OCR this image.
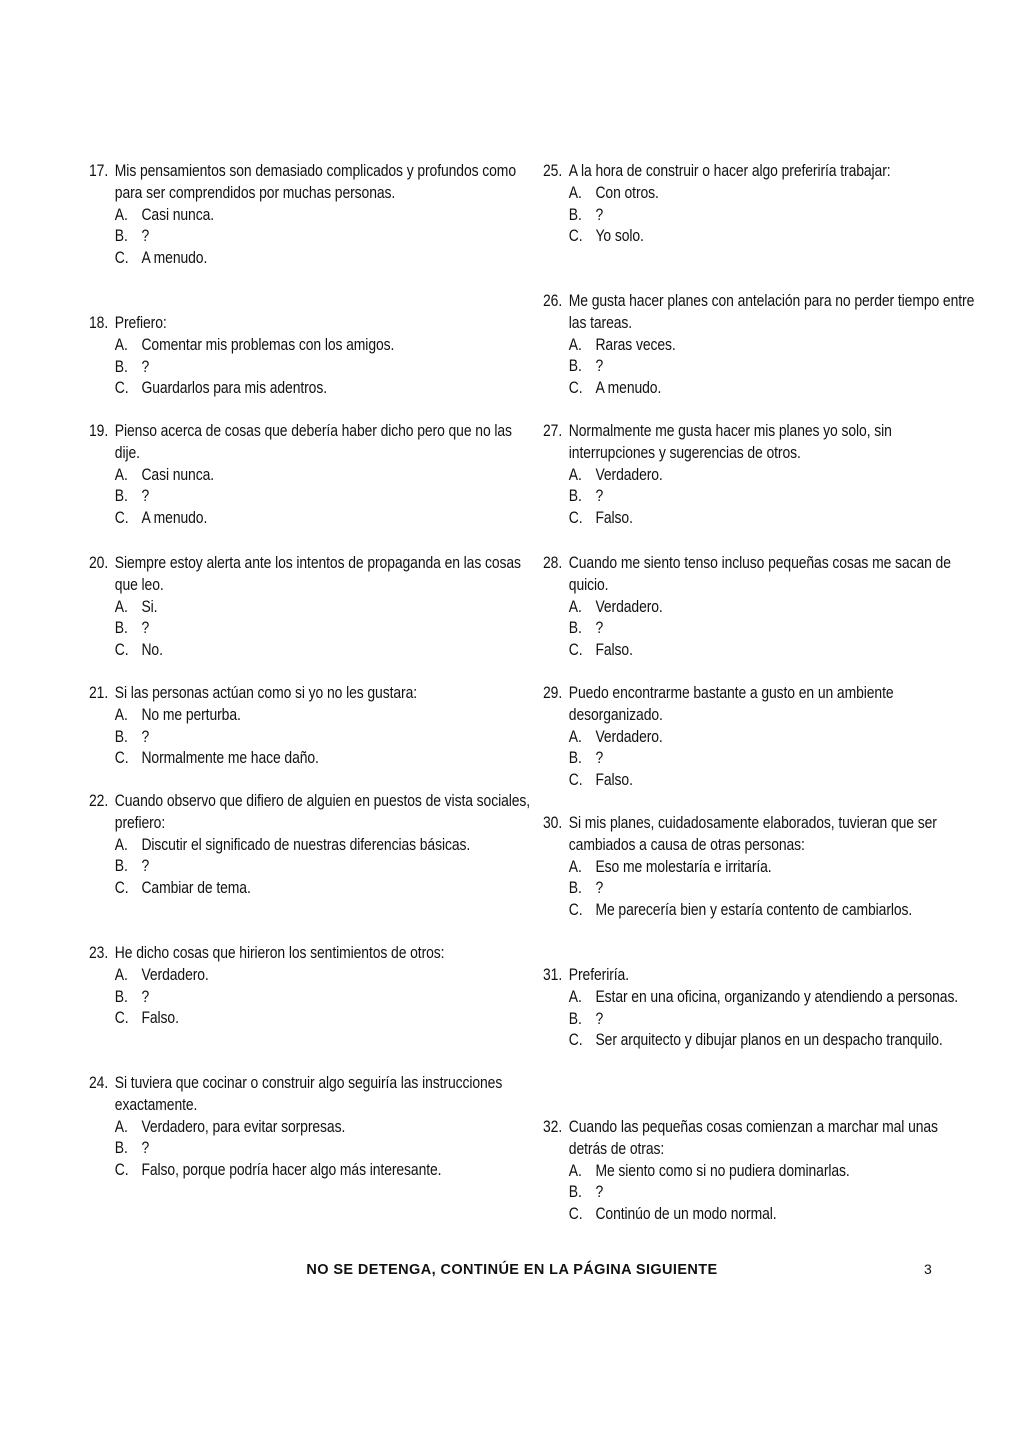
17. Mis pensamientos son demasiado complicados y profundos como para ser comprendidos por muchas personas.
A. Casi nunca.
B. ?
C. A menudo.
18. Prefiero:
A. Comentar mis problemas con los amigos.
B. ?
C. Guardarlos para mis adentros.
19. Pienso acerca de cosas que debería haber dicho pero que no las dije.
A. Casi nunca.
B. ?
C. A menudo.
20. Siempre estoy alerta ante los intentos de propaganda en las cosas que leo.
A. Si.
B. ?
C. No.
21. Si las personas actúan como si yo no les gustara:
A. No me perturba.
B. ?
C. Normalmente me hace daño.
22. Cuando observo que difiero de alguien en puestos de vista sociales, prefiero:
A. Discutir el significado de nuestras diferencias básicas.
B. ?
C. Cambiar de tema.
23. He dicho cosas que hirieron los sentimientos de otros:
A. Verdadero.
B. ?
C. Falso.
24. Si tuviera que cocinar o construir algo seguiría las instrucciones exactamente.
A. Verdadero, para evitar sorpresas.
B. ?
C. Falso, porque podría hacer algo más interesante.
25. A la hora de construir o hacer algo preferiría trabajar:
A. Con otros.
B. ?
C. Yo solo.
26. Me gusta hacer planes con antelación para no perder tiempo entre las tareas.
A. Raras veces.
B. ?
C. A menudo.
27. Normalmente me gusta hacer mis planes yo solo, sin interrupciones y sugerencias de otros.
A. Verdadero.
B. ?
C. Falso.
28. Cuando me siento tenso incluso pequeñas cosas me sacan de quicio.
A. Verdadero.
B. ?
C. Falso.
29. Puedo encontrarme bastante a gusto en un ambiente desorganizado.
A. Verdadero.
B. ?
C. Falso.
30. Si mis planes, cuidadosamente elaborados, tuvieran que ser cambiados a causa de otras personas:
A. Eso me molestaría e irritaría.
B. ?
C. Me parecería bien y estaría contento de cambiarlos.
31. Preferiría.
A. Estar en una oficina, organizando y atendiendo a personas.
B. ?
C. Ser arquitecto y dibujar planos en un despacho tranquilo.
32. Cuando las pequeñas cosas comienzan a marchar mal unas detrás de otras:
A. Me siento como si no pudiera dominarlas.
B. ?
C. Continúo de un modo normal.
NO SE DETENGA, CONTINÚE EN LA PÁGINA SIGUIENTE	3
